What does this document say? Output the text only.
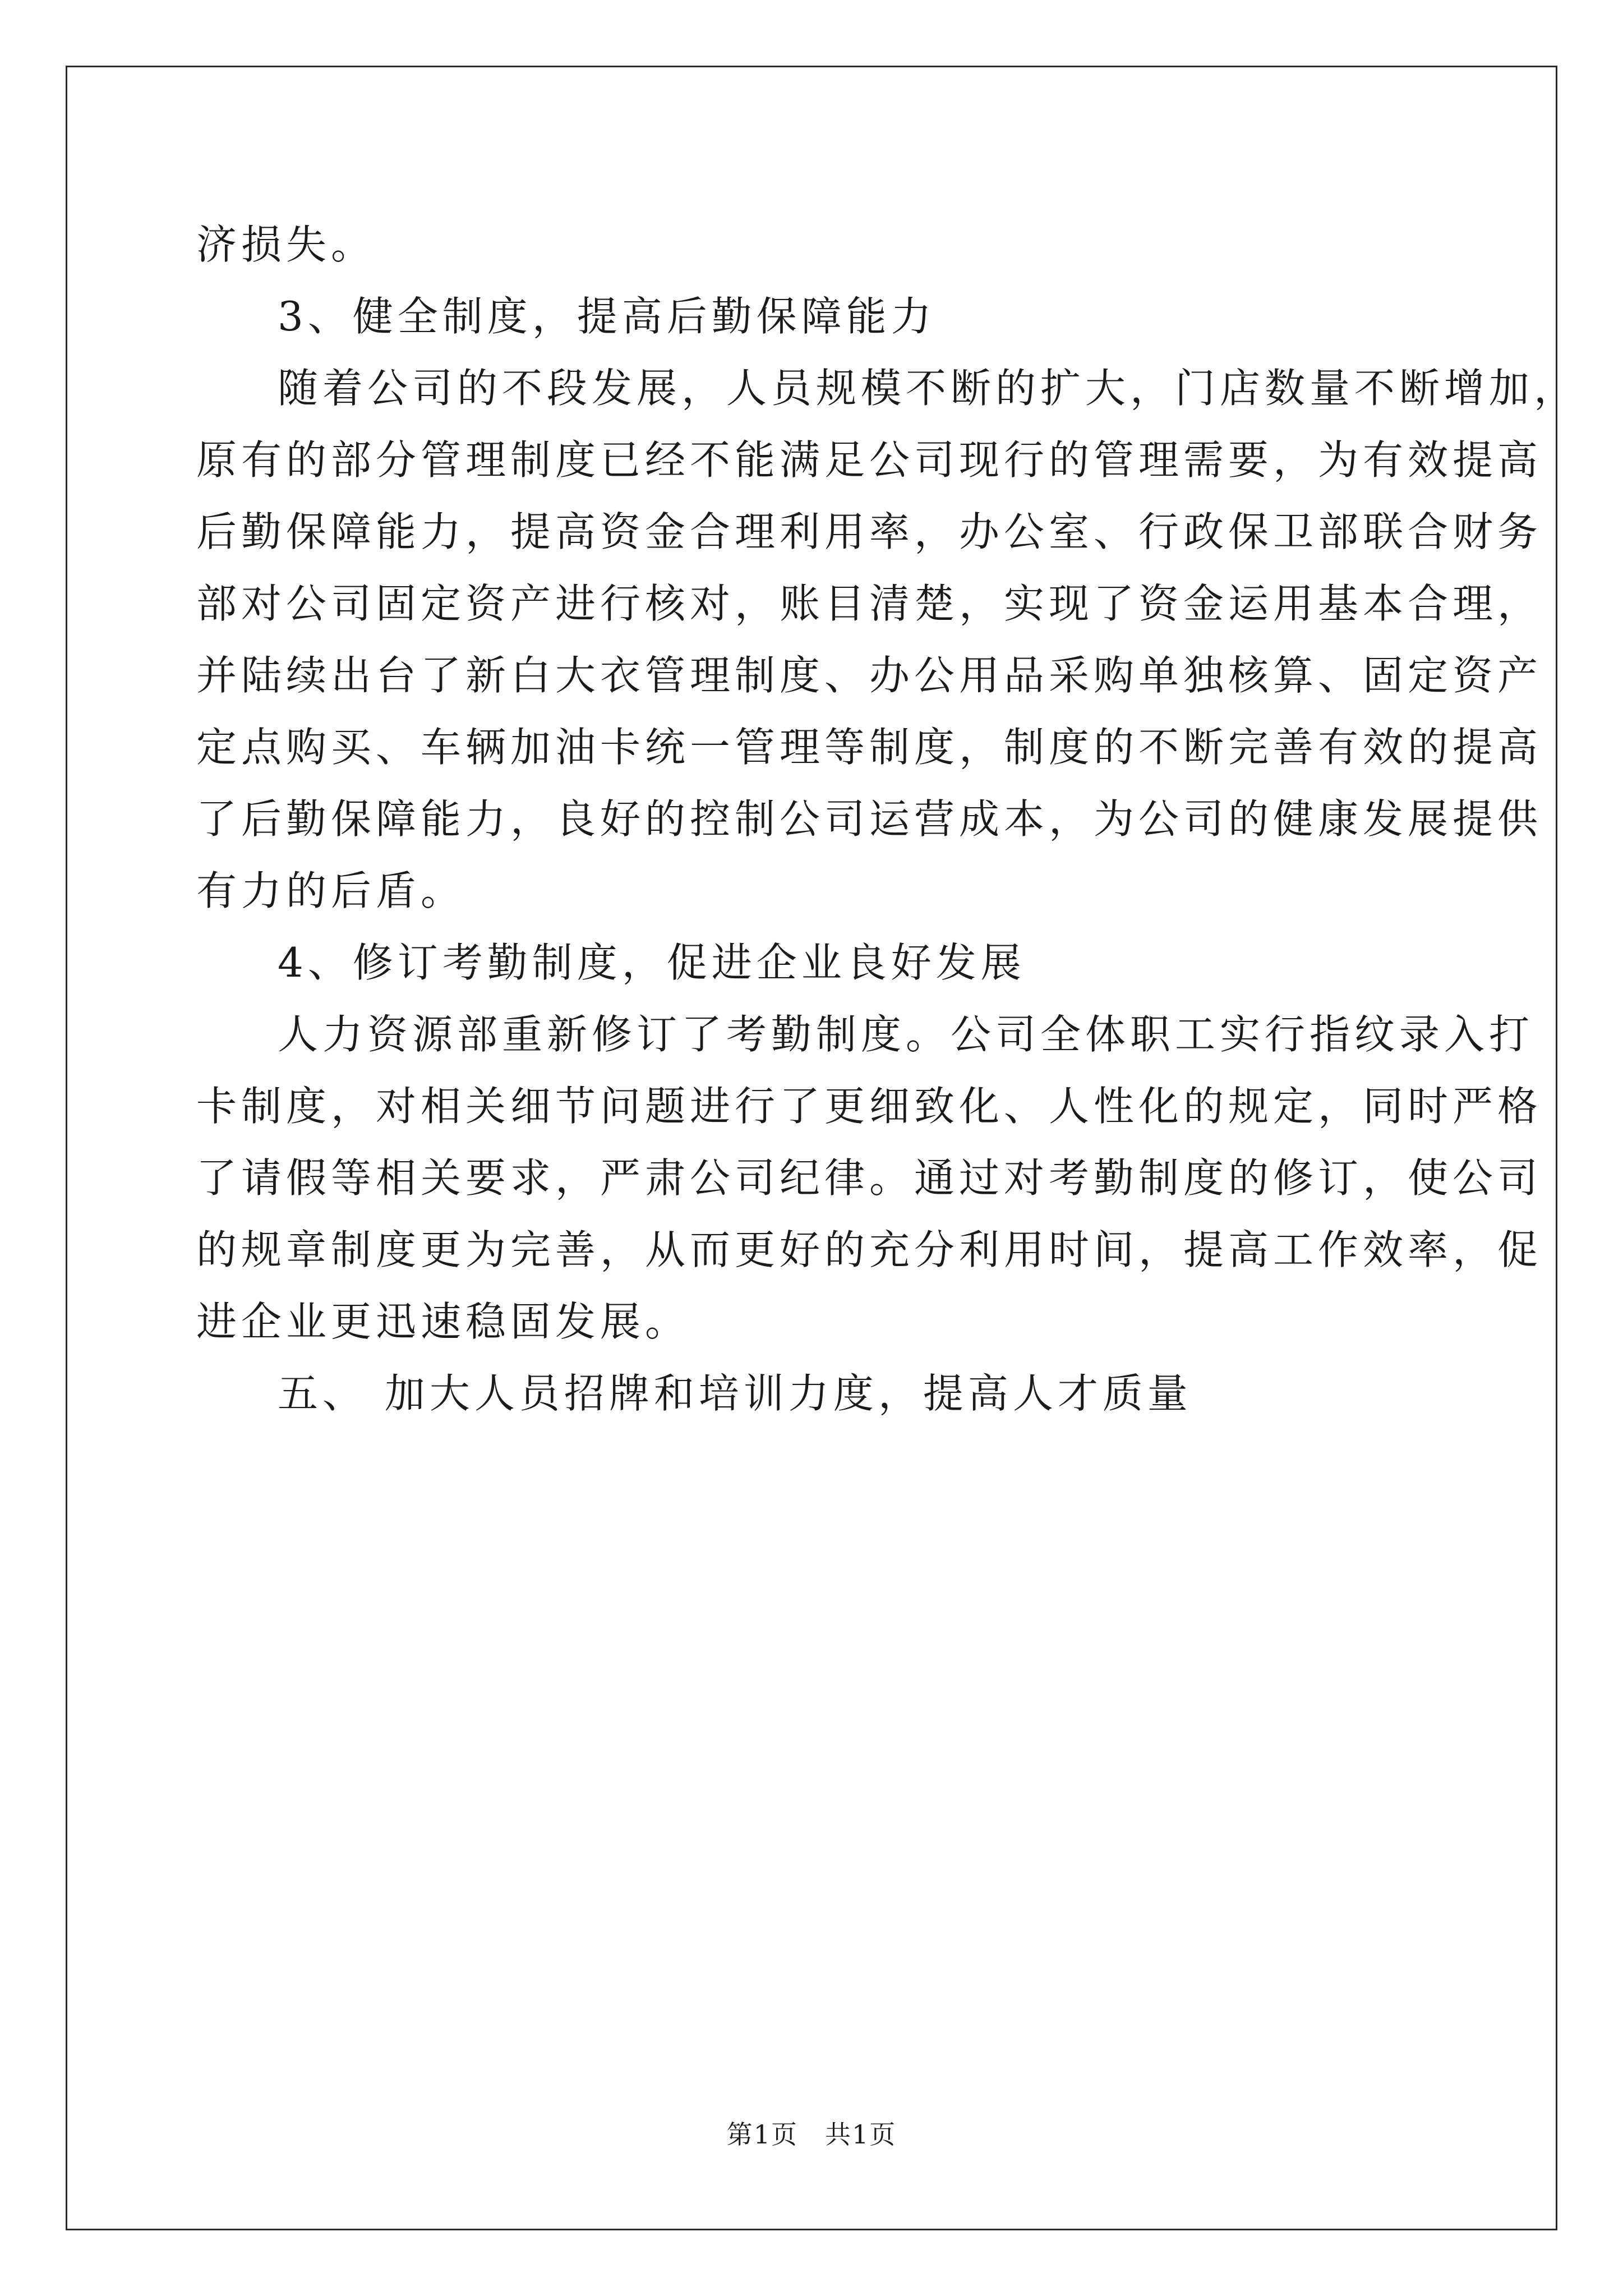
济损失。
3、健全制度，提高后勤保障能力
随着公司的不段发展，人员规模不断的扩大，门店数量不断增加，
原有的部分管理制度已经不能满足公司现行的管理需要，为有效提高
后勤保障能力，提高资金合理利用率，办公室、行政保卫部联合财务
部对公司固定资产进行核对，账目清楚，实现了资金运用基本合理，
并陆续出台了新白大衣管理制度、办公用品采购单独核算、固定资产
定点购买、车辆加油卡统一管理等制度，制度的不断完善有效的提高
了后勤保障能力，良好的控制公司运营成本，为公司的健康发展提供
有力的后盾。
4、修订考勤制度，促进企业良好发展
人力资源部重新修订了考勤制度。公司全体职工实行指纹录入打
卡制度，对相关细节问题进行了更细致化、人性化的规定，同时严格
了请假等相关要求，严肃公司纪律。通过对考勤制度的修订，使公司
的规章制度更为完善，从而更好的充分利用时间，提高工作效率，促
进企业更迅速稳固发展。
五、 加大人员招牌和培训力度，提高人才质量
第1页 共1页
